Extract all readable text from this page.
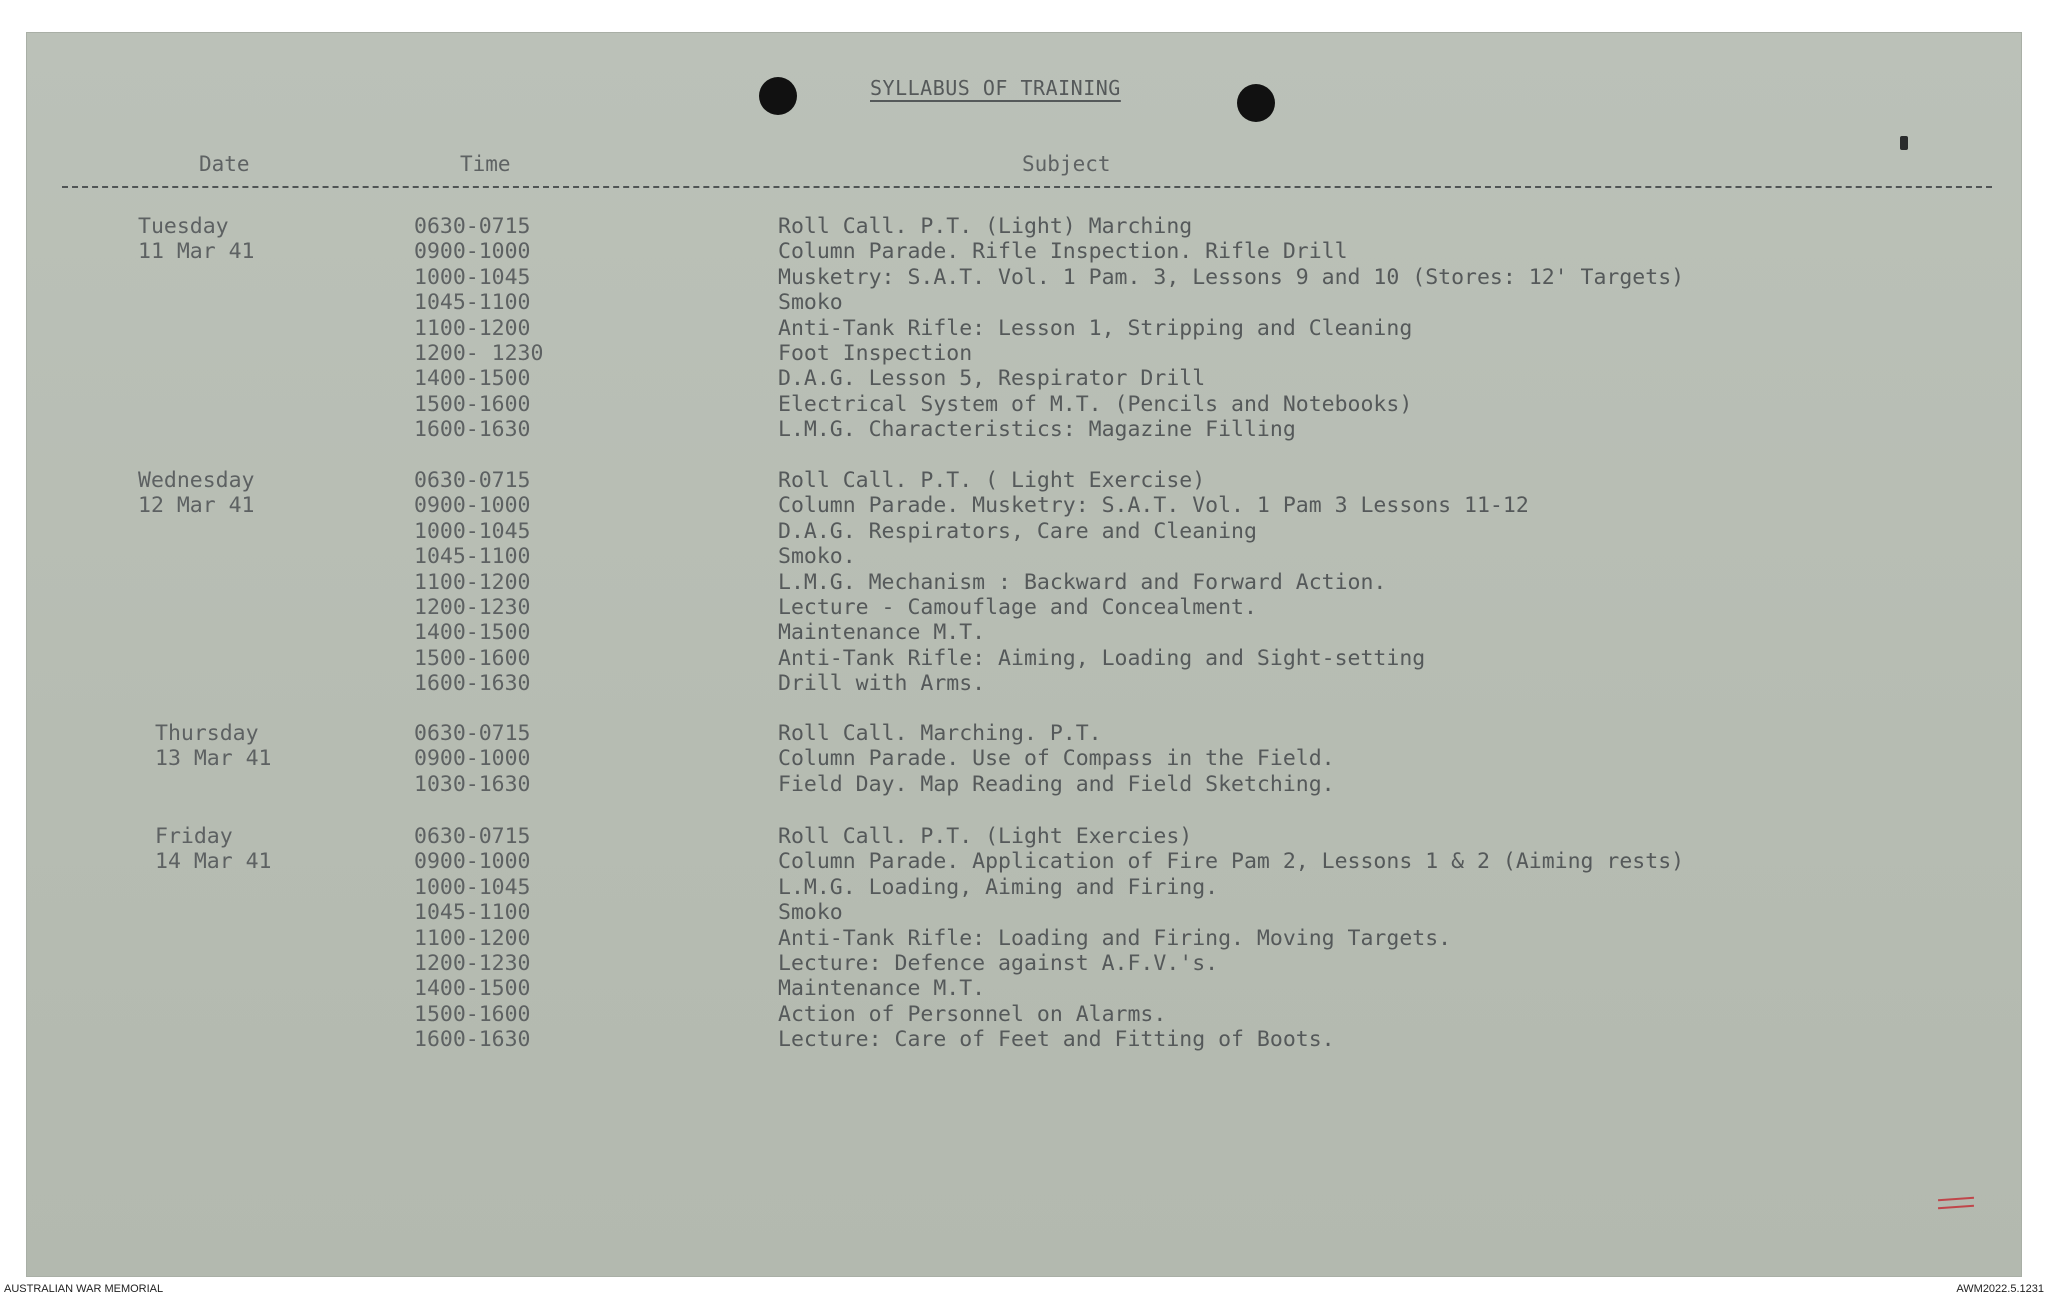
SYLLABUS OF TRAINING
Date	Time	Subject
Tuesday
11 Mar 41
0630-0715	Roll Call. P.T. (Light) Marching
0900-1000	Column Parade. Rifle Inspection. Rifle Drill
1000-1045	Musketry: S.A.T. Vol. 1 Pam. 3, Lessons 9 and 10 (Stores: 12' Targets)
1045-1100	Smoko
1100-1200	Anti-Tank Rifle: Lesson 1, Stripping and Cleaning
1200- 1230	Foot Inspection
1400-1500	D.A.G. Lesson 5, Respirator Drill
1500-1600	Electrical System of M.T. (Pencils and Notebooks)
1600-1630	L.M.G. Characteristics: Magazine Filling
Wednesday
12 Mar 41
0630-0715	Roll Call. P.T. ( Light Exercise)
0900-1000	Column Parade. Musketry: S.A.T. Vol. 1 Pam 3 Lessons 11-12
1000-1045	D.A.G. Respirators, Care and Cleaning
1045-1100	Smoko.
1100-1200	L.M.G. Mechanism : Backward and Forward Action.
1200-1230	Lecture - Camouflage and Concealment.
1400-1500	Maintenance M.T.
1500-1600	Anti-Tank Rifle: Aiming, Loading and Sight-setting
1600-1630	Drill with Arms.
Thursday
13 Mar 41
0630-0715	Roll Call. Marching. P.T.
0900-1000	Column Parade. Use of Compass in the Field.
1030-1630	Field Day. Map Reading and Field Sketching.
Friday
14 Mar 41
0630-0715	Roll Call. P.T. (Light Exercies)
0900-1000	Column Parade. Application of Fire Pam 2, Lessons 1 & 2 (Aiming rests)
1000-1045	L.M.G. Loading, Aiming and Firing.
1045-1100	Smoko
1100-1200	Anti-Tank Rifle: Loading and Firing. Moving Targets.
1200-1230	Lecture: Defence against A.F.V.'s.
1400-1500	Maintenance M.T.
1500-1600	Action of Personnel on Alarms.
1600-1630	Lecture: Care of Feet and Fitting of Boots.
AUSTRALIAN WAR MEMORIAL	AWM2022.5.1231
